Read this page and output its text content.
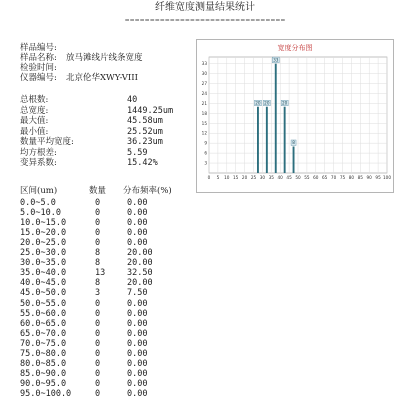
纤维宽度测量结果统计
================================
样品编号:
样品名称: 放马滩线片线条宽度
检验时间:
仪器编号: 北京伦华XWY-VIII
总根数:	40
总宽度:	1449.25um
最大值:	45.58um
最小值:	25.52um
数量平均宽度:	36.23um
均方根差:	5.59
变异系数:	15.42%
区间(um)	数量 分布频率(%)
0.0~5.0	0	0.00
5.0~10.0	0	0.00
10.0~15.0	0	0.00
15.0~20.0	0	0.00
20.0~25.0	0	0.00
25.0~30.0	8	20.00
30.0~35.0	8	20.00
35.0~40.0	13	32.50
40.0~45.0	8	20.00
45.0~50.0	3	7.50
50.0~55.0	0	0.00
55.0~60.0	0	0.00
60.0~65.0	0	0.00
65.0~70.0	0	0.00
70.0~75.0	0	0.00
75.0~80.0	0	0.00
80.0~85.0	0	0.00
85.0~90.0	0	0.00
90.0~95.0	0	0.00
95.0~100.0	0	0.00
宽度分布图
3
6
9
12
15
18
21
24
27
30
33
0 5 10 15 20 25 30 35 40 45 50 55 60 65 70 75 80 85 90 95 100
20 20
33
20
8
